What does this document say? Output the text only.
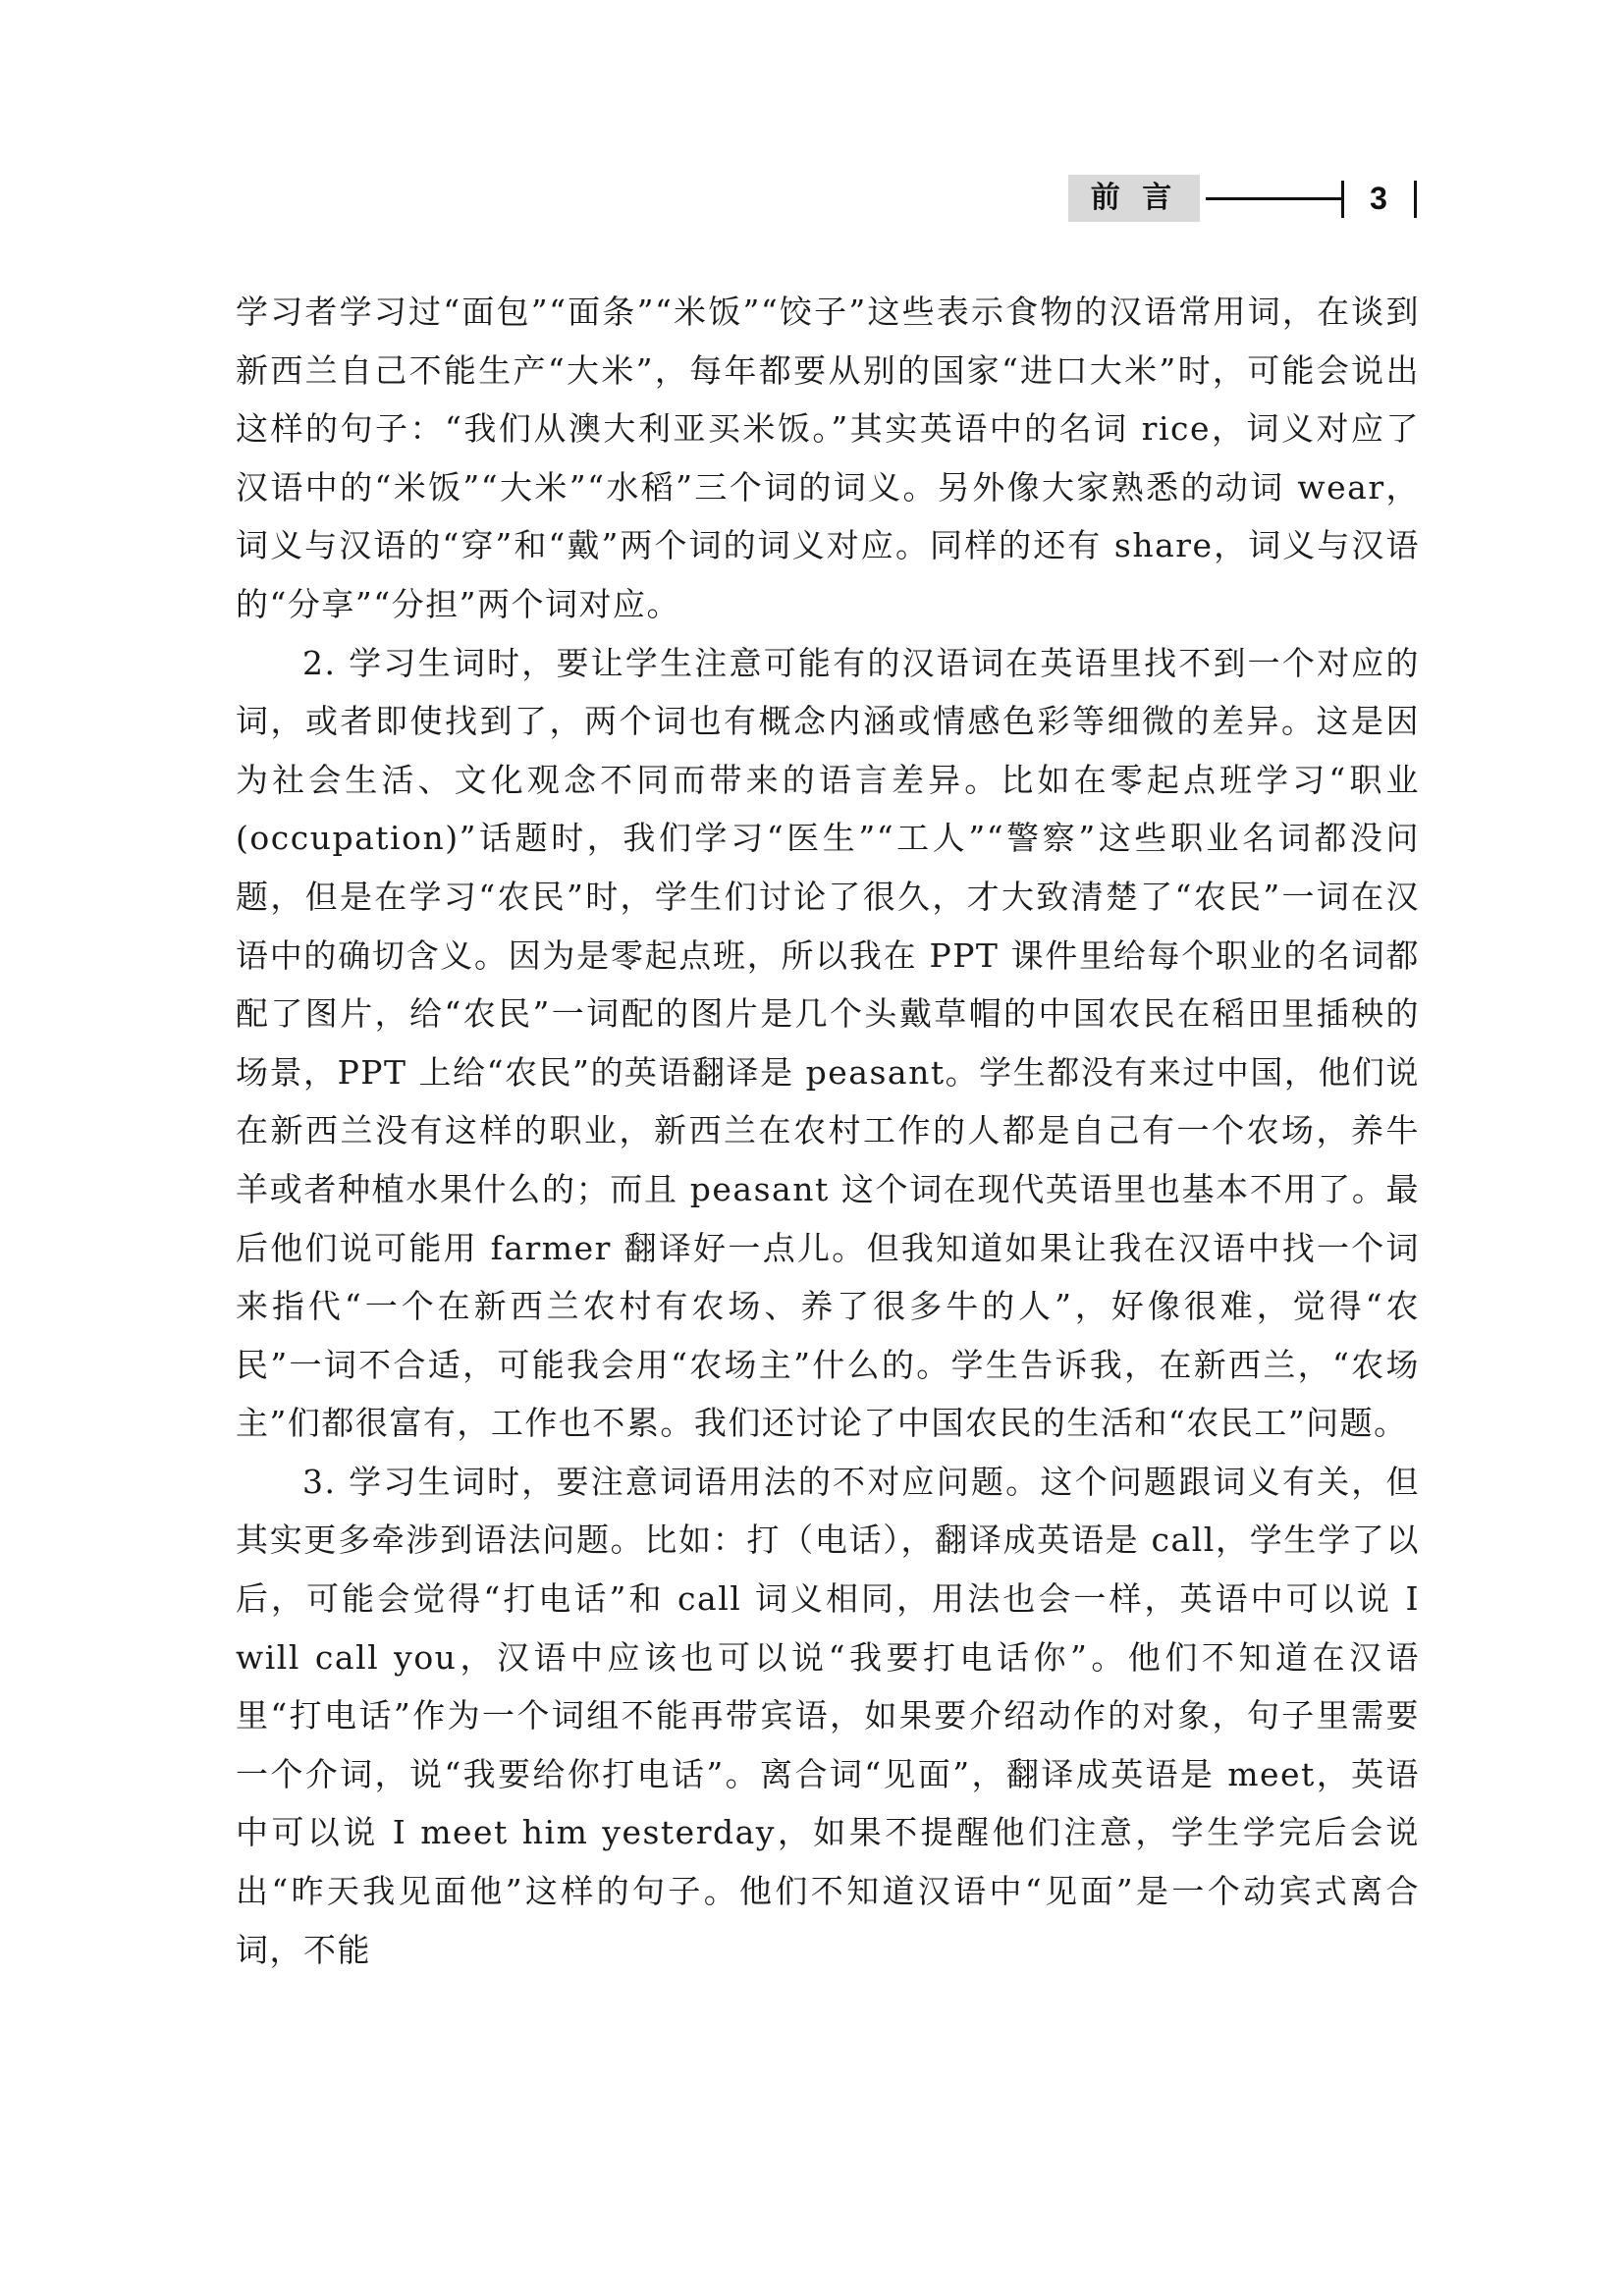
前 言	3

学习者学习过“面包”“面条”“米饭”“饺子”这些表示食物的汉语常用词，在谈到新西兰自己不能生产“大米”，每年都要从别的国家“进口大米”时，可能会说出这样的句子：“我们从澳大利亚买米饭。”其实英语中的名词 rice，词义对应了汉语中的“米饭”“大米”“水稻”三个词的词义。另外像大家熟悉的动词 wear，词义与汉语的“穿”和“戴”两个词的词义对应。同样的还有 share，词义与汉语的“分享”“分担”两个词对应。

2. 学习生词时，要让学生注意可能有的汉语词在英语里找不到一个对应的词，或者即使找到了，两个词也有概念内涵或情感色彩等细微的差异。这是因为社会生活、文化观念不同而带来的语言差异。比如在零起点班学习“职业(occupation)”话题时，我们学习“医生”“工人”“警察”这些职业名词都没问题，但是在学习“农民”时，学生们讨论了很久，才大致清楚了“农民”一词在汉语中的确切含义。因为是零起点班，所以我在 PPT 课件里给每个职业的名词都配了图片，给“农民”一词配的图片是几个头戴草帽的中国农民在稻田里插秧的场景，PPT 上给“农民”的英语翻译是 peasant。学生都没有来过中国，他们说在新西兰没有这样的职业，新西兰在农村工作的人都是自己有一个农场，养牛羊或者种植水果什么的；而且 peasant 这个词在现代英语里也基本不用了。最后他们说可能用 farmer 翻译好一点儿。但我知道如果让我在汉语中找一个词来指代“一个在新西兰农村有农场、养了很多牛的人”，好像很难，觉得“农民”一词不合适，可能我会用“农场主”什么的。学生告诉我，在新西兰，“农场主”们都很富有，工作也不累。我们还讨论了中国农民的生活和“农民工”问题。

3. 学习生词时，要注意词语用法的不对应问题。这个问题跟词义有关，但其实更多牵涉到语法问题。比如：打（电话），翻译成英语是 call，学生学了以后，可能会觉得“打电话”和 call 词义相同，用法也会一样，英语中可以说 I will call you，汉语中应该也可以说“我要打电话你”。他们不知道在汉语里“打电话”作为一个词组不能再带宾语，如果要介绍动作的对象，句子里需要一个介词，说“我要给你打电话”。离合词“见面”，翻译成英语是 meet，英语中可以说 I meet him yesterday，如果不提醒他们注意，学生学完后会说出“昨天我见面他”这样的句子。他们不知道汉语中“见面”是一个动宾式离合词，不能
